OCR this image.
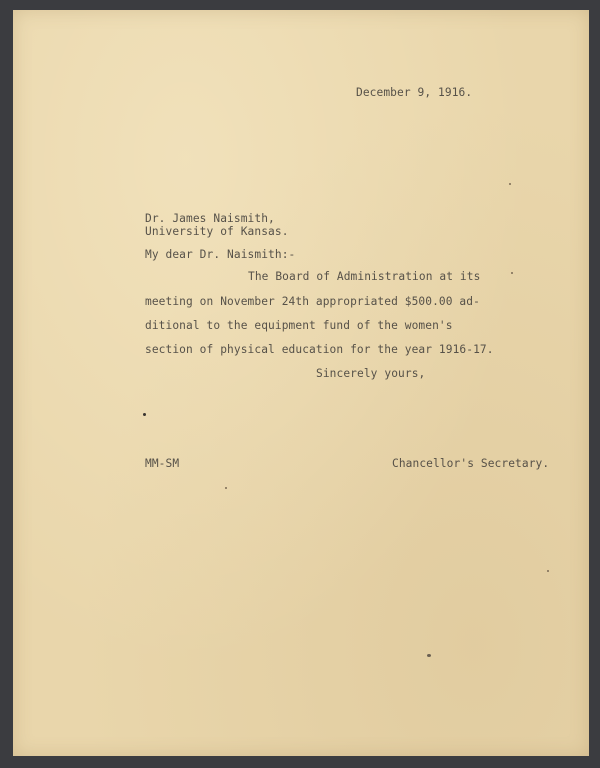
December 9, 1916.
Dr. James Naismith,
University of Kansas.
My dear Dr. Naismith:-
The Board of Administration at its
meeting on November 24th appropriated $500.00 ad-
ditional to the equipment fund of the women's
section of physical education for the year 1916-17.
Sincerely yours,
MM-SM	Chancellor's Secretary.
